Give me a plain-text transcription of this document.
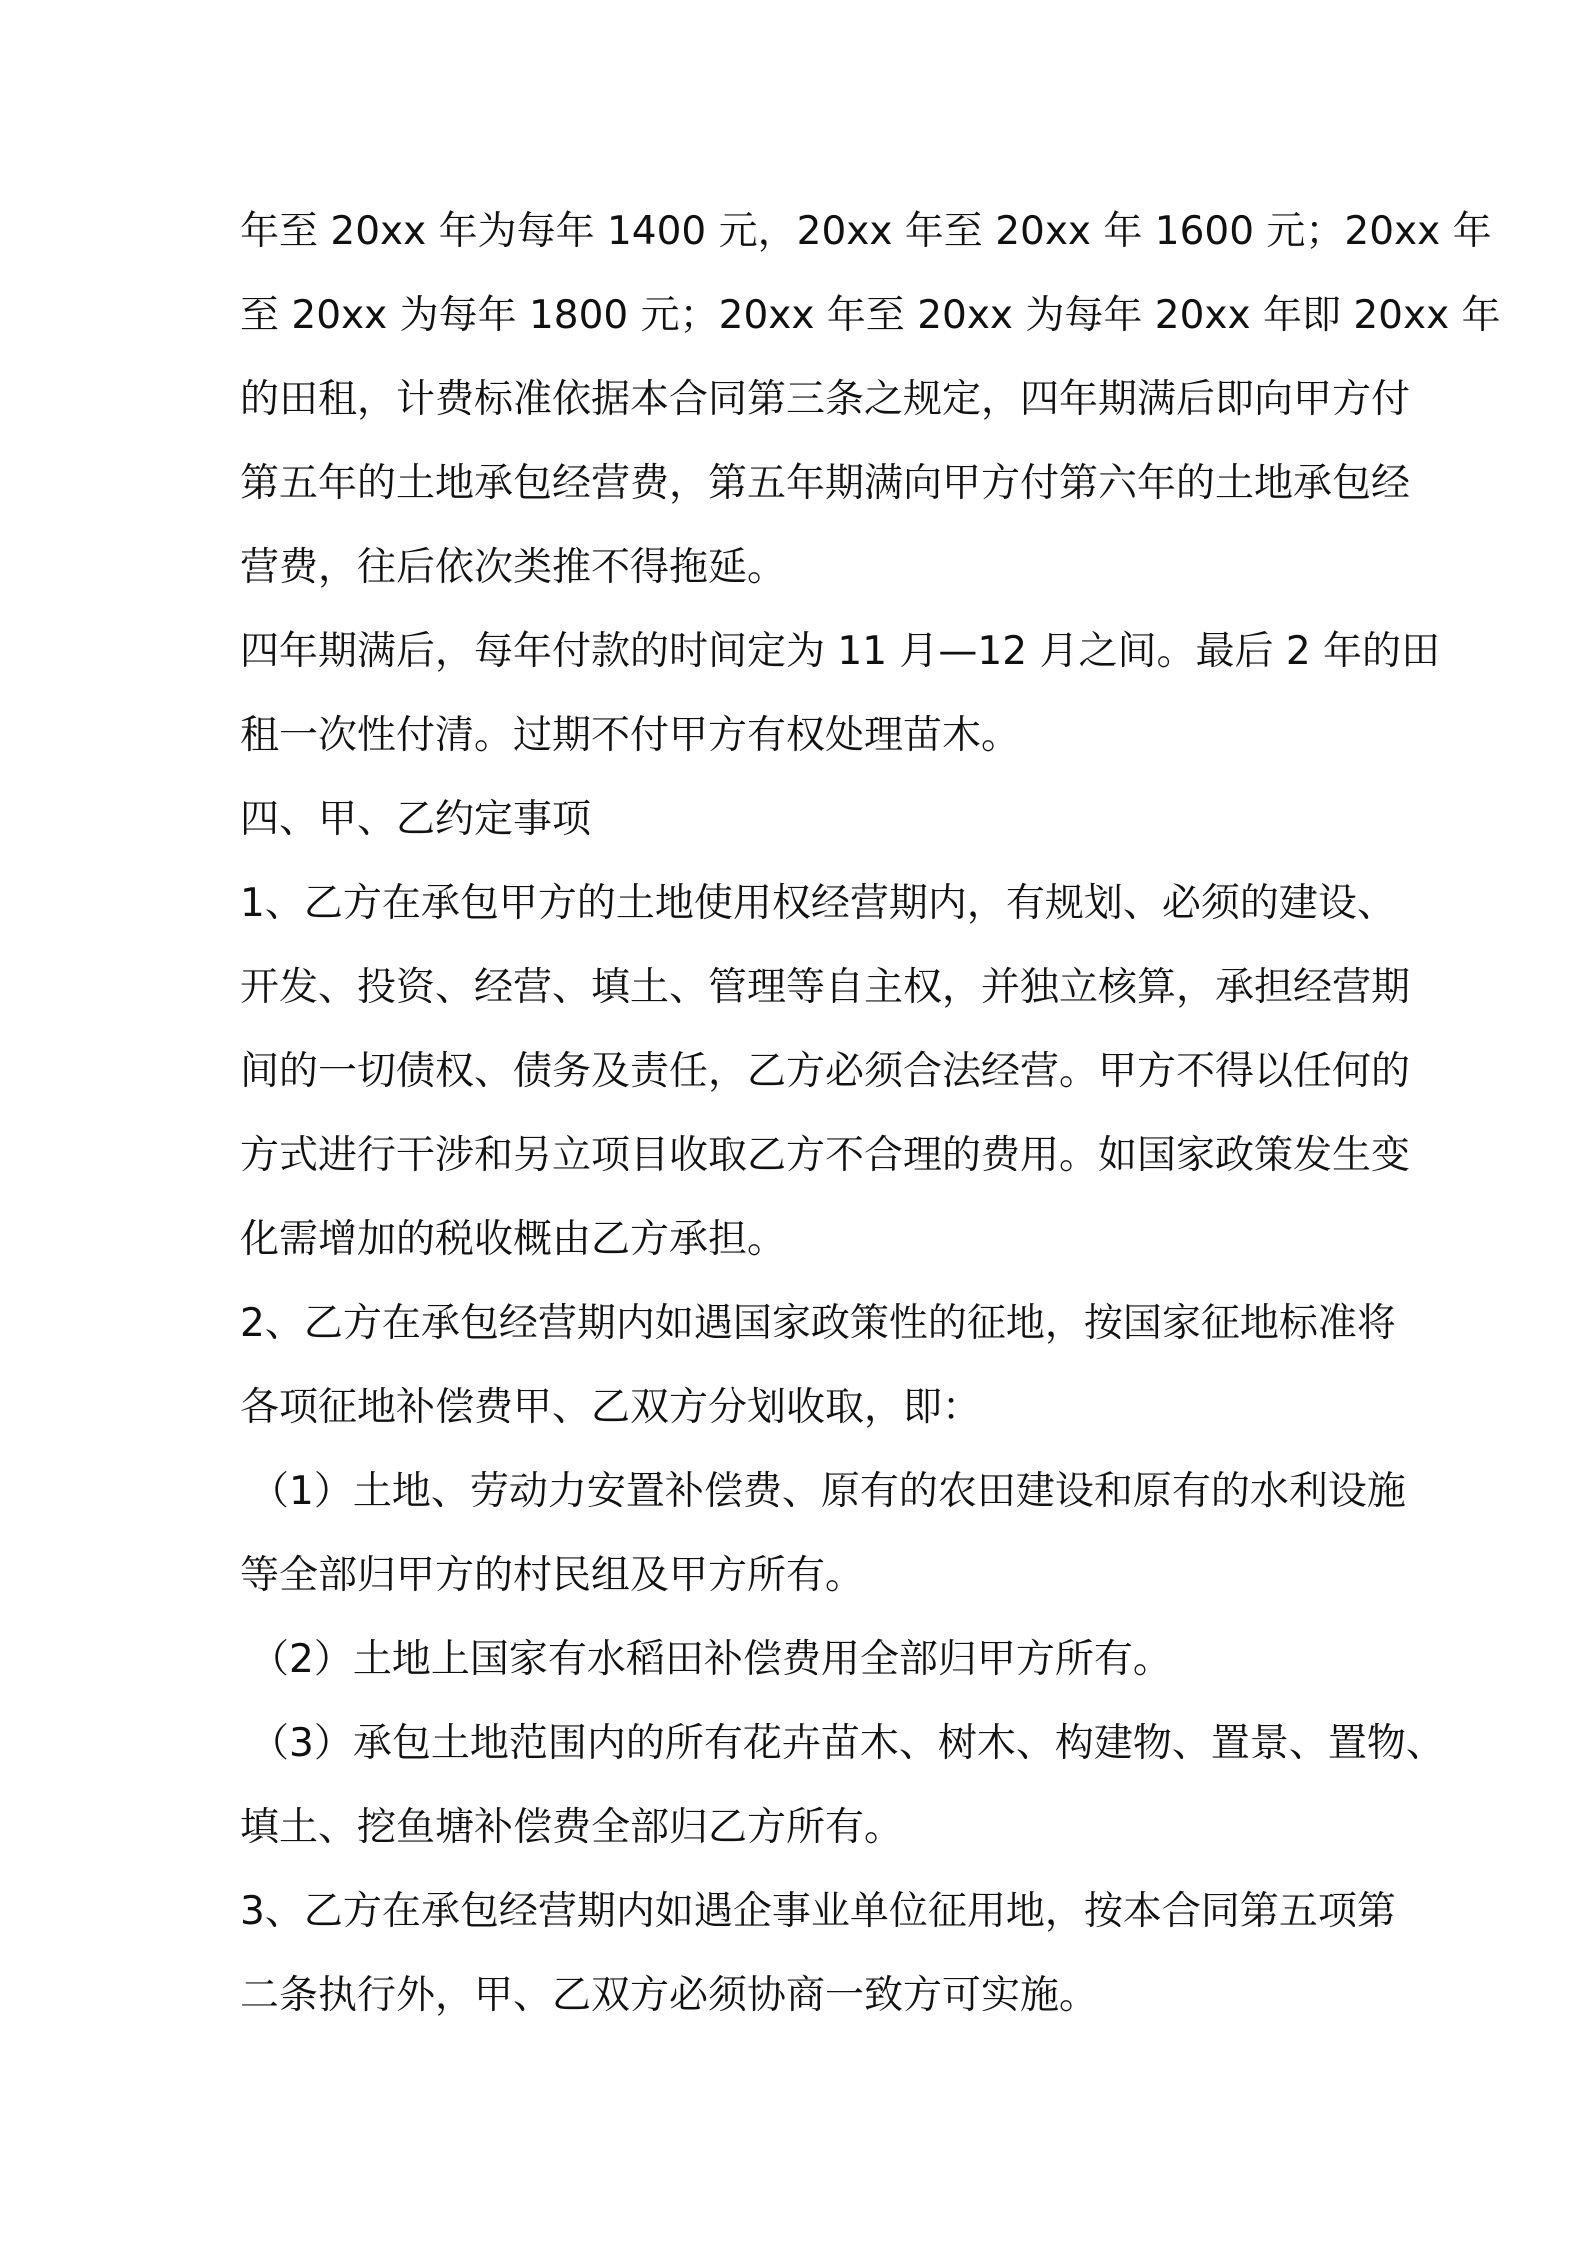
年至 20xx 年为每年 1400 元，20xx 年至 20xx 年 1600 元；20xx 年
至 20xx 为每年 1800 元；20xx 年至 20xx 为每年 20xx 年即 20xx 年
的田租，计费标准依据本合同第三条之规定，四年期满后即向甲方付
第五年的土地承包经营费，第五年期满向甲方付第六年的土地承包经
营费，往后依次类推不得拖延。

四年期满后，每年付款的时间定为 11 月—12 月之间。最后 2 年的田
租一次性付清。过期不付甲方有权处理苗木。

四、甲、乙约定事项

1、乙方在承包甲方的土地使用权经营期内，有规划、必须的建设、
开发、投资、经营、填土、管理等自主权，并独立核算，承担经营期
间的一切债权、债务及责任，乙方必须合法经营。甲方不得以任何的
方式进行干涉和另立项目收取乙方不合理的费用。如国家政策发生变
化需增加的税收概由乙方承担。

2、乙方在承包经营期内如遇国家政策性的征地，按国家征地标准将
各项征地补偿费甲、乙双方分划收取，即：

（1）土地、劳动力安置补偿费、原有的农田建设和原有的水利设施
等全部归甲方的村民组及甲方所有。

（2）土地上国家有水稻田补偿费用全部归甲方所有。

（3）承包土地范围内的所有花卉苗木、树木、构建物、置景、置物、
填土、挖鱼塘补偿费全部归乙方所有。

3、乙方在承包经营期内如遇企事业单位征用地，按本合同第五项第
二条执行外，甲、乙双方必须协商一致方可实施。
